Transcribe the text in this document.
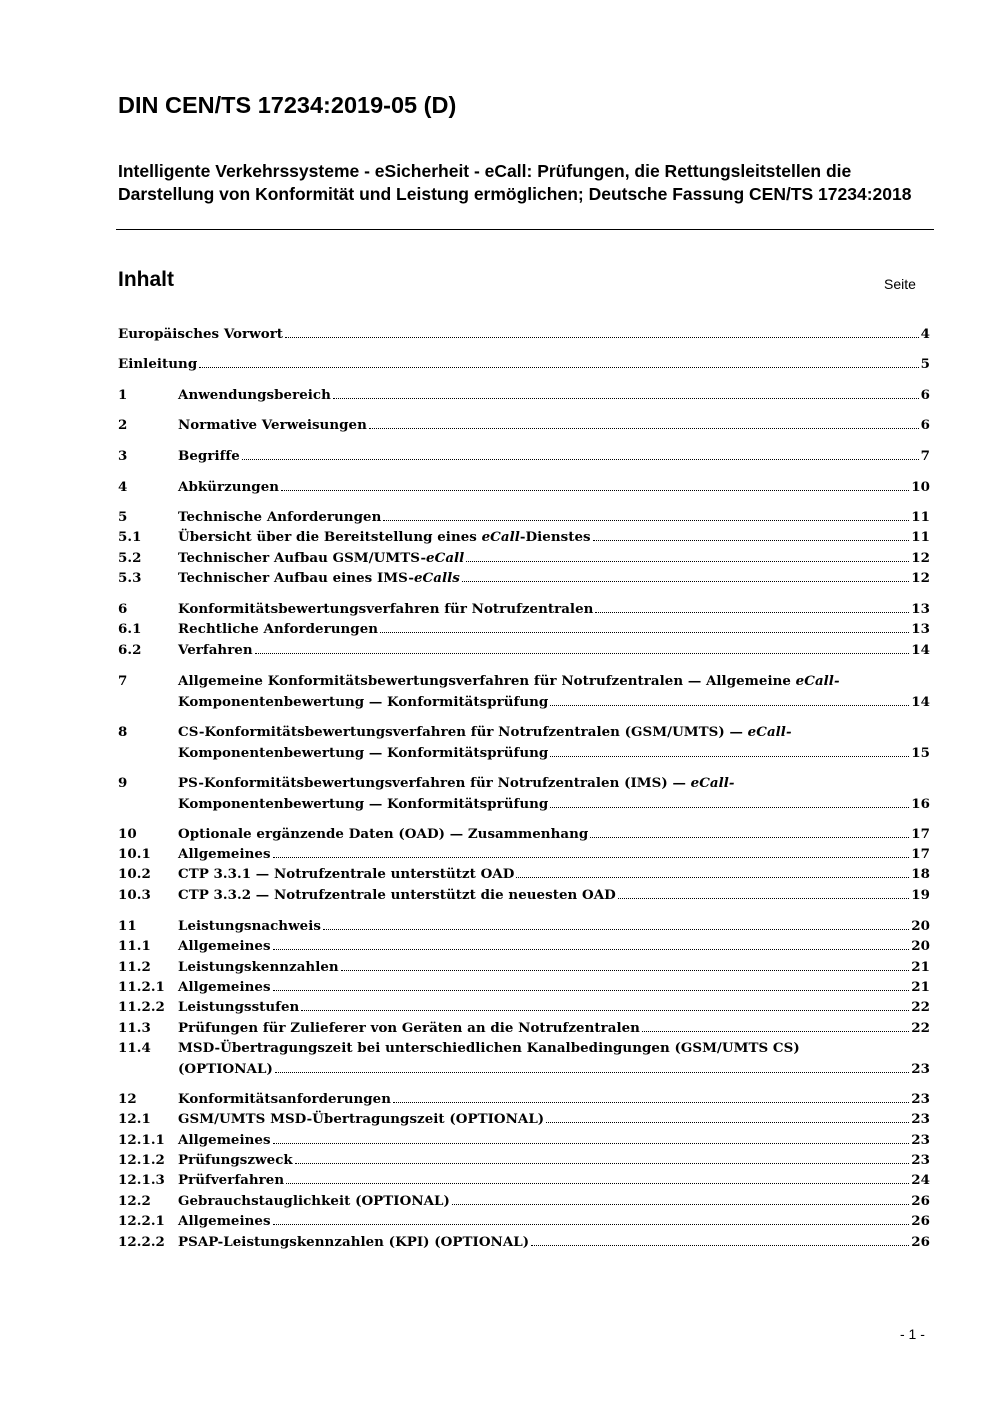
DIN CEN/TS 17234:2019-05 (D)

Intelligente Verkehrssysteme - eSicherheit - eCall: Prüfungen, die Rettungsleitstellen die Darstellung von Konformität und Leistung ermöglichen; Deutsche Fassung CEN/TS 17234:2018

Inhalt	Seite
Europäisches Vorwort	4
Einleitung	5
1	Anwendungsbereich	6
2	Normative Verweisungen	6
3	Begriffe	7
4	Abkürzungen	10
5	Technische Anforderungen	11
5.1	Übersicht über die Bereitstellung eines eCall-Dienstes	11
5.2	Technischer Aufbau GSM/UMTS-eCall	12
5.3	Technischer Aufbau eines IMS-eCalls	12
6	Konformitätsbewertungsverfahren für Notrufzentralen	13
6.1	Rechtliche Anforderungen	13
6.2	Verfahren	14
7	Allgemeine Konformitätsbewertungsverfahren für Notrufzentralen — Allgemeine eCall-
Komponentenbewertung — Konformitätsprüfung	14
8	CS-Konformitätsbewertungsverfahren für Notrufzentralen (GSM/UMTS) — eCall-
Komponentenbewertung — Konformitätsprüfung	15
9	PS-Konformitätsbewertungsverfahren für Notrufzentralen (IMS) — eCall-
Komponentenbewertung — Konformitätsprüfung	16
10	Optionale ergänzende Daten (OAD) — Zusammenhang	17
10.1	Allgemeines	17
10.2	CTP 3.3.1 — Notrufzentrale unterstützt OAD	18
10.3	CTP 3.3.2 — Notrufzentrale unterstützt die neuesten OAD	19
11	Leistungsnachweis	20
11.1	Allgemeines	20
11.2	Leistungskennzahlen	21
11.2.1 Allgemeines	21
11.2.2 Leistungsstufen	22
11.3	Prüfungen für Zulieferer von Geräten an die Notrufzentralen	22
11.4	MSD-Übertragungszeit bei unterschiedlichen Kanalbedingungen (GSM/UMTS CS)
(OPTIONAL)	23
12	Konformitätsanforderungen	23
12.1	GSM/UMTS MSD-Übertragungszeit (OPTIONAL)	23
12.1.1 Allgemeines	23
12.1.2 Prüfungszweck	23
12.1.3 Prüfverfahren	24
12.2	Gebrauchstauglichkeit (OPTIONAL)	26
12.2.1 Allgemeines	26
12.2.2 PSAP-Leistungskennzahlen (KPI) (OPTIONAL)	26
- 1 -
